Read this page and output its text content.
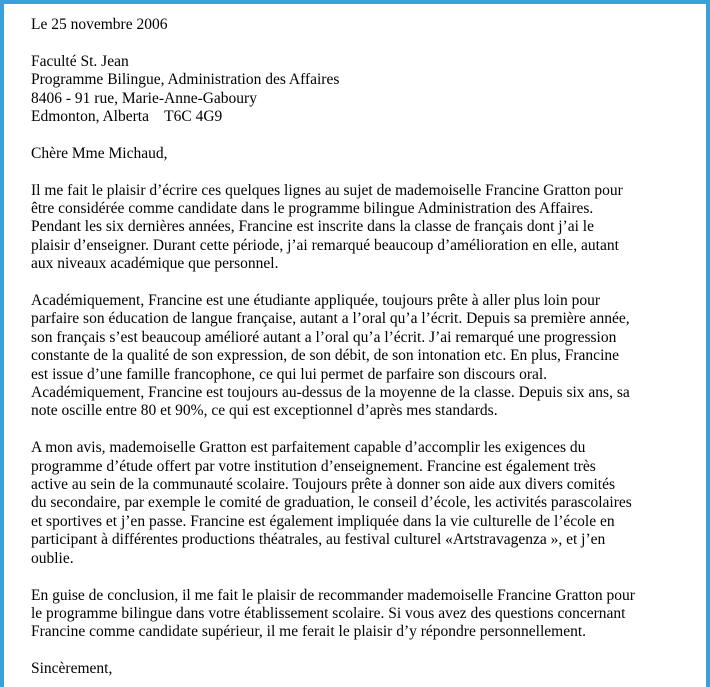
Le 25 novembre 2006
Faculté St. Jean
Programme Bilingue, Administration des Affaires
8406 - 91 rue, Marie-Anne-Gaboury
Edmonton, Alberta    T6C 4G9
Chère Mme Michaud,
Il me fait le plaisir d’écrire ces quelques lignes au sujet de mademoiselle Francine Gratton pour
être considérée comme candidate dans le programme bilingue Administration des Affaires.
Pendant les six dernières années, Francine est inscrite dans la classe de français dont j’ai le
plaisir d’enseigner. Durant cette période, j’ai remarqué beaucoup d’amélioration en elle, autant
aux niveaux académique que personnel.
Académiquement, Francine est une étudiante appliquée, toujours prête à aller plus loin pour
parfaire son éducation de langue française, autant a l’oral qu’a l’écrit. Depuis sa première année,
son français s’est beaucoup amélioré autant a l’oral qu’a l’écrit. J’ai remarqué une progression
constante de la qualité de son expression, de son débit, de son intonation etc. En plus, Francine
est issue d’une famille francophone, ce qui lui permet de parfaire son discours oral.
Académiquement, Francine est toujours au-dessus de la moyenne de la classe. Depuis six ans, sa
note oscille entre 80 et 90%, ce qui est exceptionnel d’après mes standards.
A mon avis, mademoiselle Gratton est parfaitement capable d’accomplir les exigences du
programme d’étude offert par votre institution d’enseignement. Francine est également très
active au sein de la communauté scolaire. Toujours prête à donner son aide aux divers comités
du secondaire, par exemple le comité de graduation, le conseil d’école, les activités parascolaires
et sportives et j’en passe. Francine est également impliquée dans la vie culturelle de l’école en
participant à différentes productions théatrales, au festival culturel «Artstravagenza », et j’en
oublie.
En guise de conclusion, il me fait le plaisir de recommander mademoiselle Francine Gratton pour
le programme bilingue dans votre établissement scolaire. Si vous avez des questions concernant
Francine comme candidate supérieur, il me ferait le plaisir d’y répondre personnellement.
Sincèrement,
